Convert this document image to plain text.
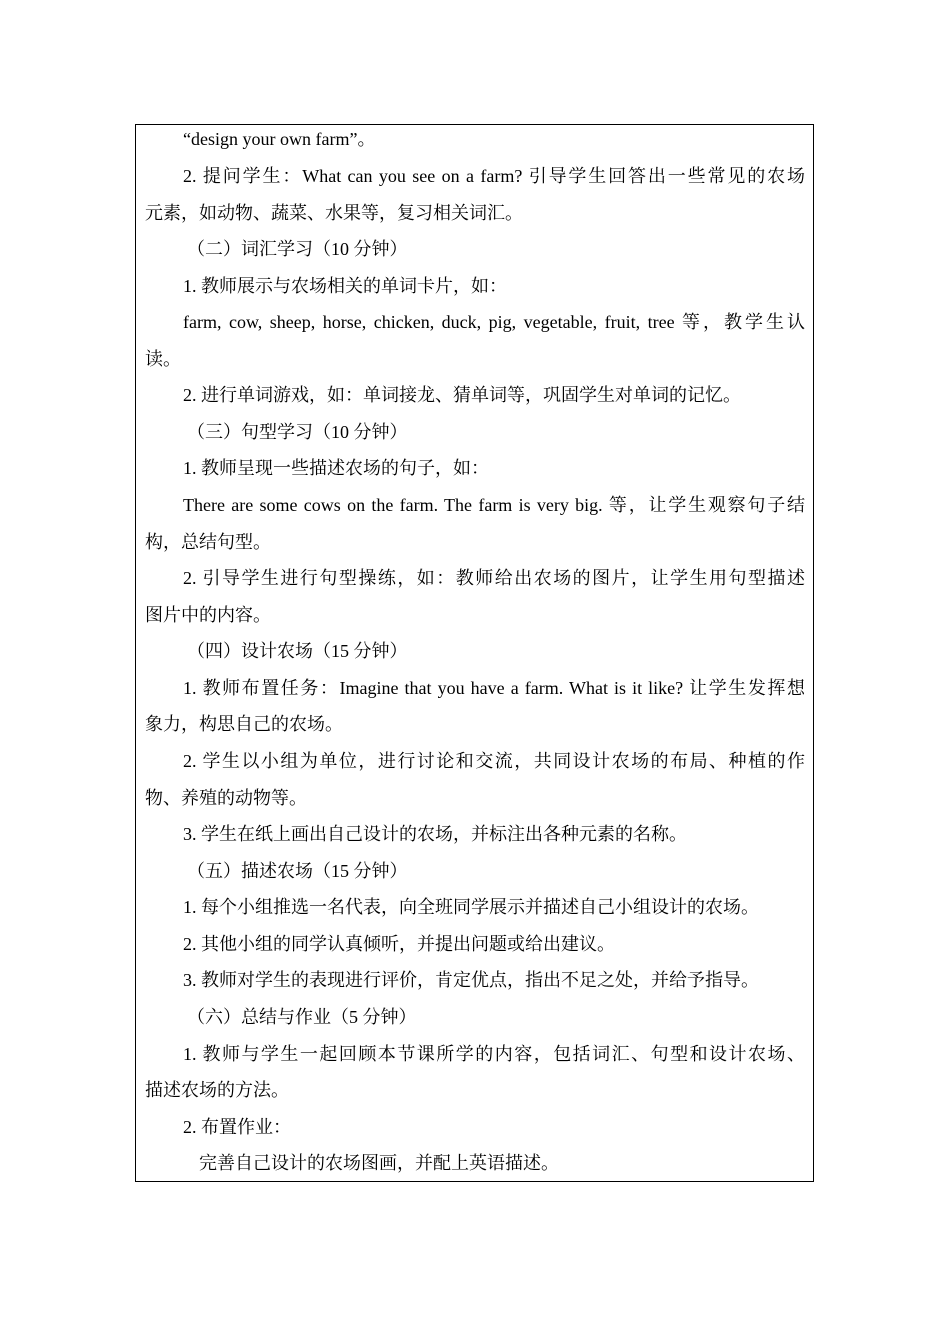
“design your own farm”。
2. 提问学生：What can you see on a farm? 引导学生回答出一些常见的农场
元素，如动物、蔬菜、水果等，复习相关词汇。
（二）词汇学习（10 分钟）
1. 教师展示与农场相关的单词卡片，如：
farm, cow, sheep, horse, chicken, duck, pig, vegetable, fruit, tree 等，教学生认
读。
2. 进行单词游戏，如：单词接龙、猜单词等，巩固学生对单词的记忆。
（三）句型学习（10 分钟）
1. 教师呈现一些描述农场的句子，如：
There are some cows on the farm. The farm is very big. 等，让学生观察句子结
构，总结句型。
2. 引导学生进行句型操练，如：教师给出农场的图片，让学生用句型描述
图片中的内容。
（四）设计农场（15 分钟）
1. 教师布置任务：Imagine that you have a farm. What is it like? 让学生发挥想
象力，构思自己的农场。
2. 学生以小组为单位，进行讨论和交流，共同设计农场的布局、种植的作
物、养殖的动物等。
3. 学生在纸上画出自己设计的农场，并标注出各种元素的名称。
（五）描述农场（15 分钟）
1. 每个小组推选一名代表，向全班同学展示并描述自己小组设计的农场。
2. 其他小组的同学认真倾听，并提出问题或给出建议。
3. 教师对学生的表现进行评价，肯定优点，指出不足之处，并给予指导。
（六）总结与作业（5 分钟）
1. 教师与学生一起回顾本节课所学的内容，包括词汇、句型和设计农场、
描述农场的方法。
2. 布置作业：
完善自己设计的农场图画，并配上英语描述。
